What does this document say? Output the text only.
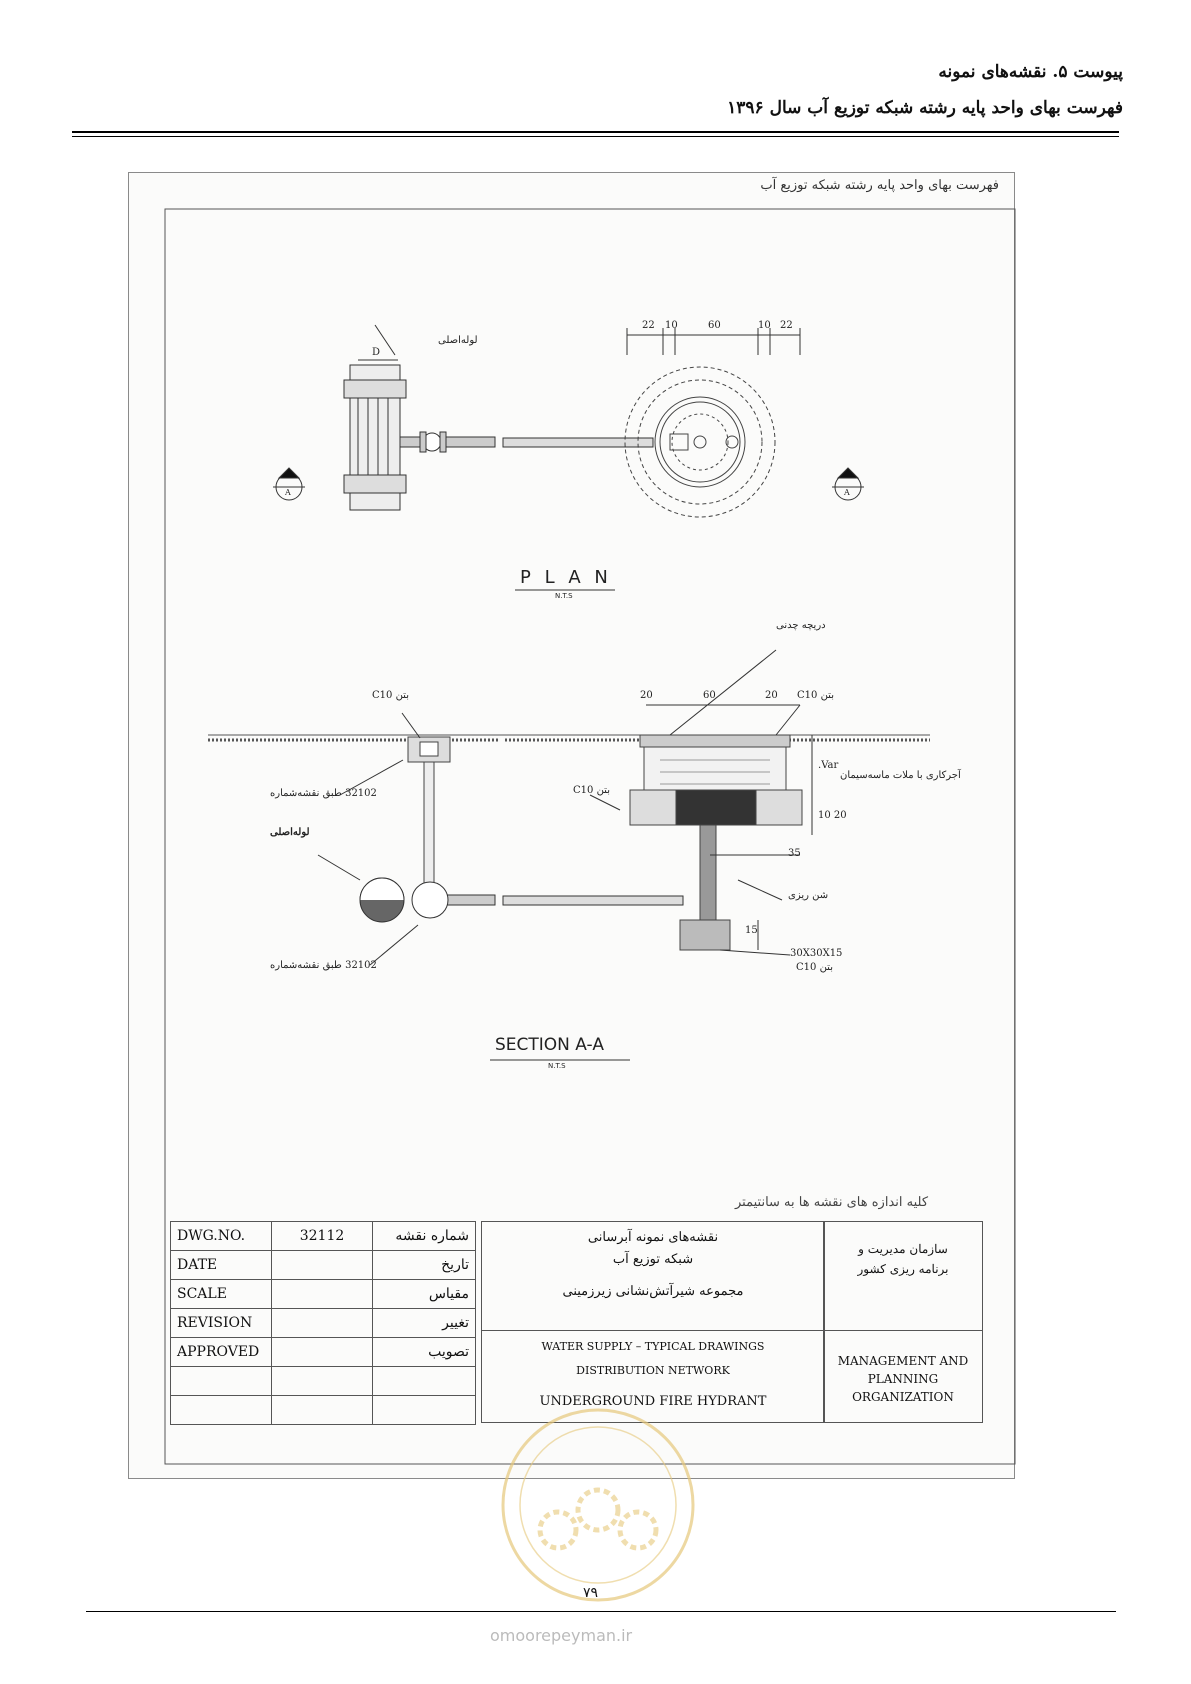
پیوست ۵. نقشه‌های نمونه
فهرست بهای واحد پایه رشته شبکه توزیع آب سال ۱۳۹۶
فهرست بهای واحد پایه رشته شبکه توزیع آب
لوله‌اصلی
D
22 10	60	10 22
A	A
P L A N
N.T.S
دریچه چدنی
20	60	20 بتن C10
بتن C10
آجرکاری با ملات ماسه‌سیمان
بتن C10
32102 طبق نقشه‌شماره
لوله‌اصلی
Var.
20 10
35
شن ریزی
15
30X30X15
بتن C10
32102 طبق نقشه‌شماره
SECTION A-A
N.T.S
کلیه اندازه های نقشه ها به سانتیمتر
DWG.NO.	32112	شماره نقشه
DATE		تاریخ
SCALE		مقیاس
REVISION		تغییر
APPROVED		تصویب

نقشه‌های نمونه آبرسانی
شبکه توزیع آب
مجموعه شیرآتش‌نشانی زیرزمینی
WATER SUPPLY – TYPICAL DRAWINGS
DISTRIBUTION NETWORK
UNDERGROUND FIRE HYDRANT
سازمان مدیریت و
برنامه ریزی کشور
MANAGEMENT AND
PLANNING
ORGANIZATION
۷۹
omoorepeyman.ir
